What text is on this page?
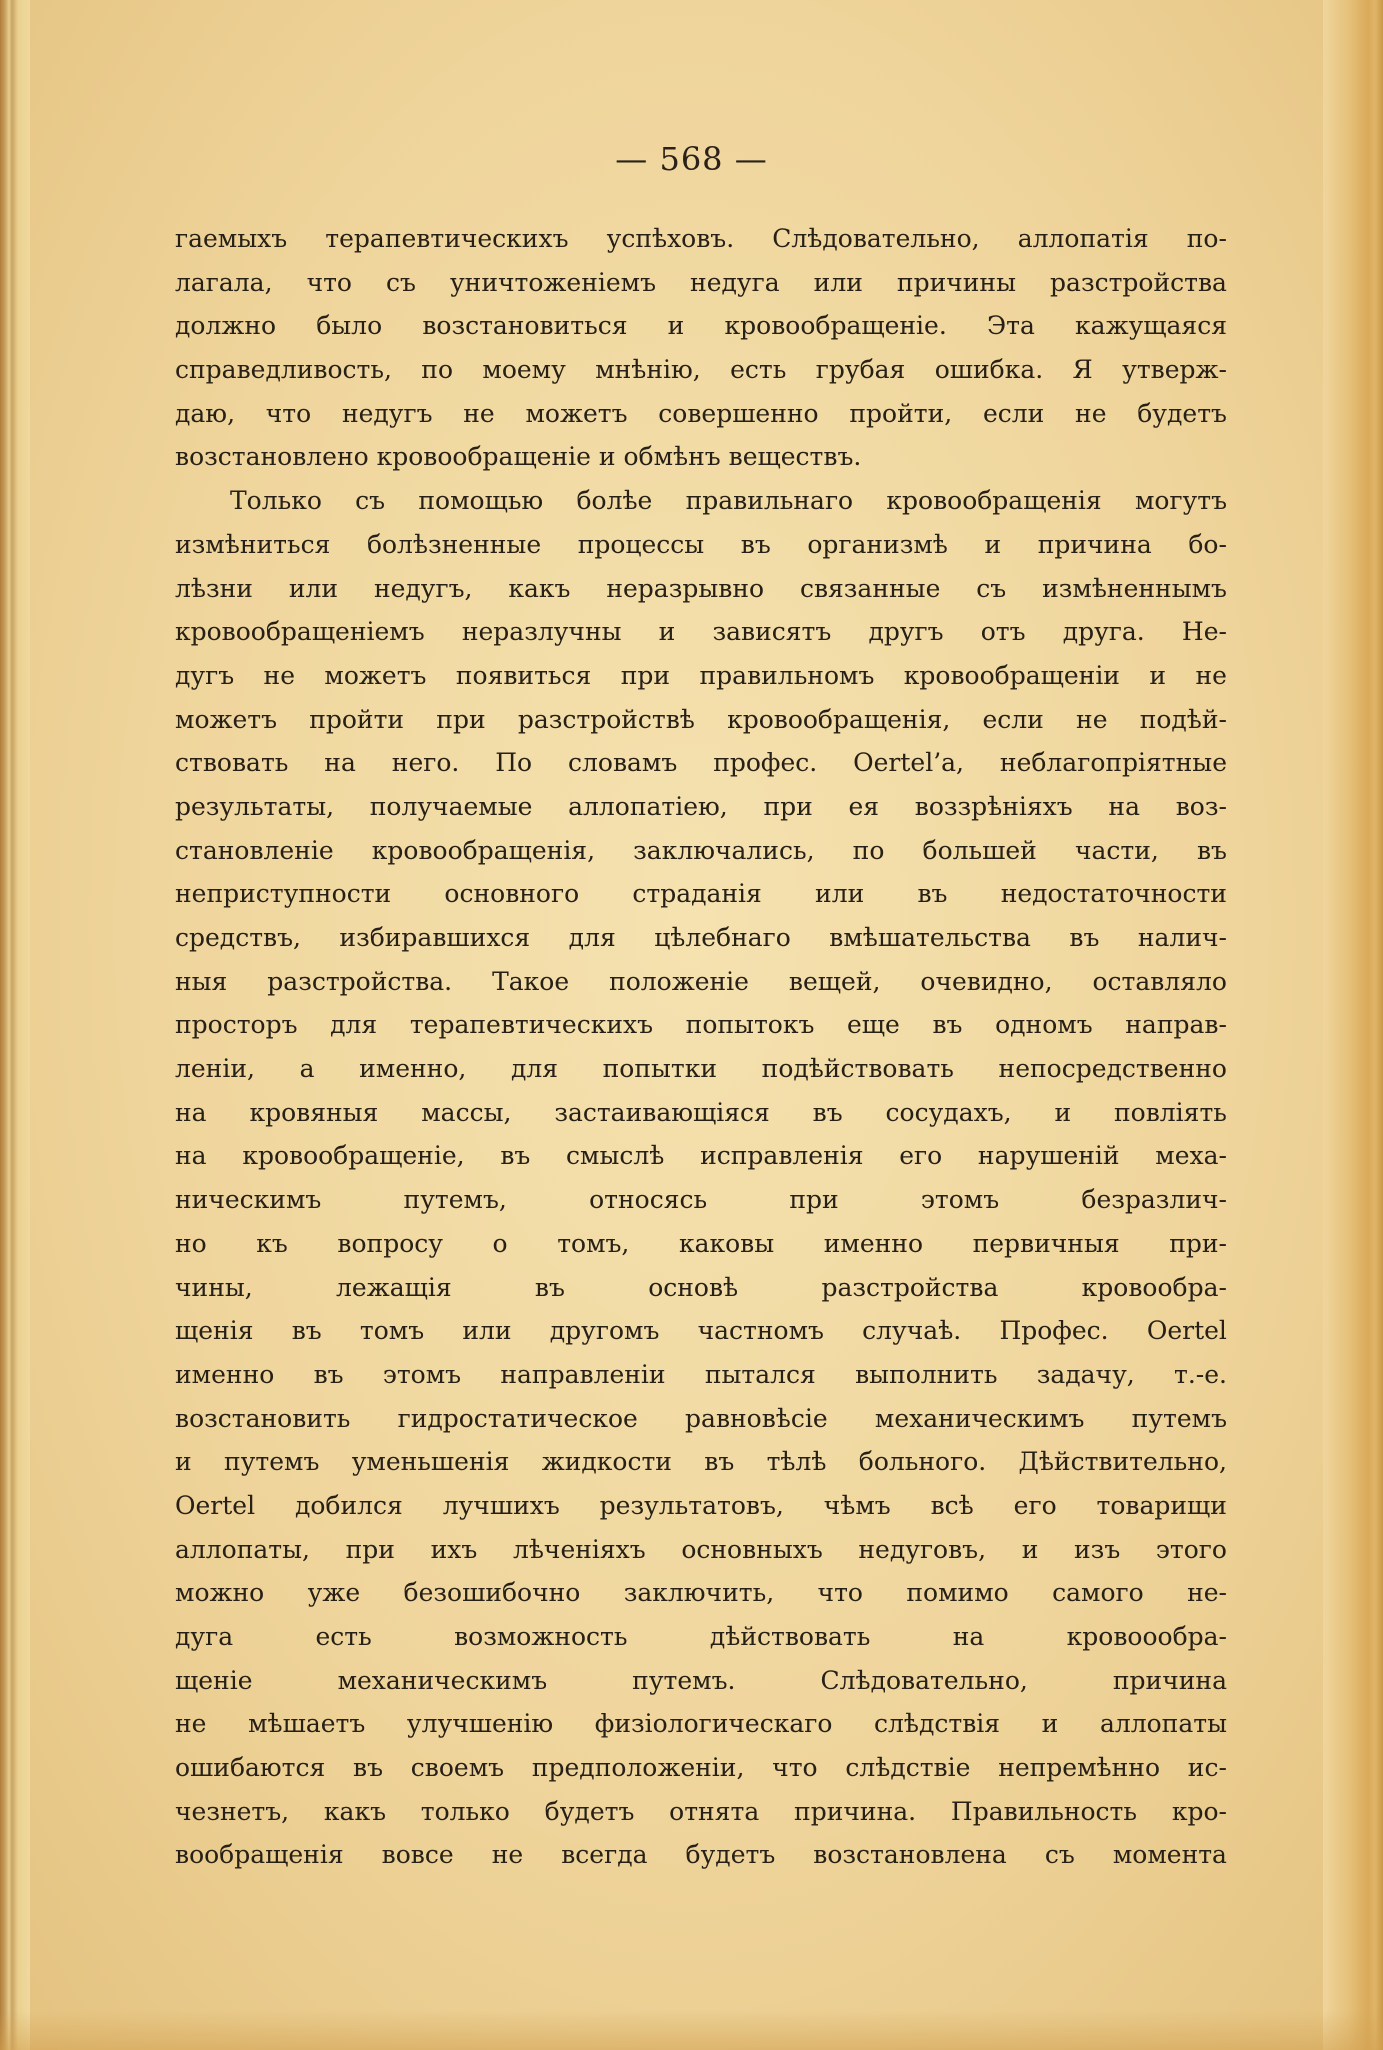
— 568 —
гаемыхъ терапевтическихъ успѣховъ. Слѣдовательно, аллопатія по-
лагала, что съ уничтоженіемъ недуга или причины разстройства
должно было возстановиться и кровообращеніе. Эта кажущаяся
справедливость, по моему мнѣнію, есть грубая ошибка. Я утверж-
даю, что недугъ не можетъ совершенно пройти, если не будетъ
возстановлено кровообращеніе и обмѣнъ веществъ.
Только съ помощью болѣе правильнаго кровообращенія могутъ
измѣниться болѣзненные процессы въ организмѣ и причина бо-
лѣзни или недугъ, какъ неразрывно связанные съ измѣненнымъ
кровообращеніемъ неразлучны и зависятъ другъ отъ друга. Не-
дугъ не можетъ появиться при правильномъ кровообращеніи и не
можетъ пройти при разстройствѣ кровообращенія, если не подѣй-
ствовать на него. По словамъ профес. Oertel’а, неблагопріятные
результаты, получаемые аллопатіею, при ея воззрѣніяхъ на воз-
становленіе кровообращенія, заключались, по большей части, въ
неприступности основного страданія или въ недостаточности
средствъ, избиравшихся для цѣлебнаго вмѣшательства въ налич-
ныя разстройства. Такое положеніе вещей, очевидно, оставляло
просторъ для терапевтическихъ попытокъ еще въ одномъ направ-
леніи, а именно, для попытки подѣйствовать непосредственно
на кровяныя массы, застаивающіяся въ сосудахъ, и повліять
на кровообращеніе, въ смыслѣ исправленія его нарушеній меха-
ническимъ	путемъ,	относясь	при	этомъ	безразлич-
но къ вопросу о томъ, каковы именно первичныя при-
чины,	лежащія	въ	основѣ	разстройства	кровообра-
щенія въ томъ или другомъ частномъ случаѣ. Профес. Oertel
именно въ этомъ направленіи пытался выполнить задачу, т.-е.
возстановить гидростатическое равновѣсіе механическимъ путемъ
и путемъ уменьшенія жидкости въ тѣлѣ больного. Дѣйствительно,
Oertel добился лучшихъ результатовъ, чѣмъ всѣ его товарищи
аллопаты, при ихъ лѣченіяхъ основныхъ недуговъ, и изъ этого
можно уже безошибочно заключить, что помимо самого не-
дуга	есть	возможность	дѣйствовать	на	кровоообра-
щеніе	механическимъ	путемъ.	Слѣдовательно,	причина
не мѣшаетъ улучшенію физіологическаго слѣдствія и аллопаты
ошибаются въ своемъ предположеніи, что слѣдствіе непремѣнно ис-
чезнетъ, какъ только будетъ отнята причина. Правильность кро-
вообращенія вовсе не всегда будетъ возстановлена съ момента
